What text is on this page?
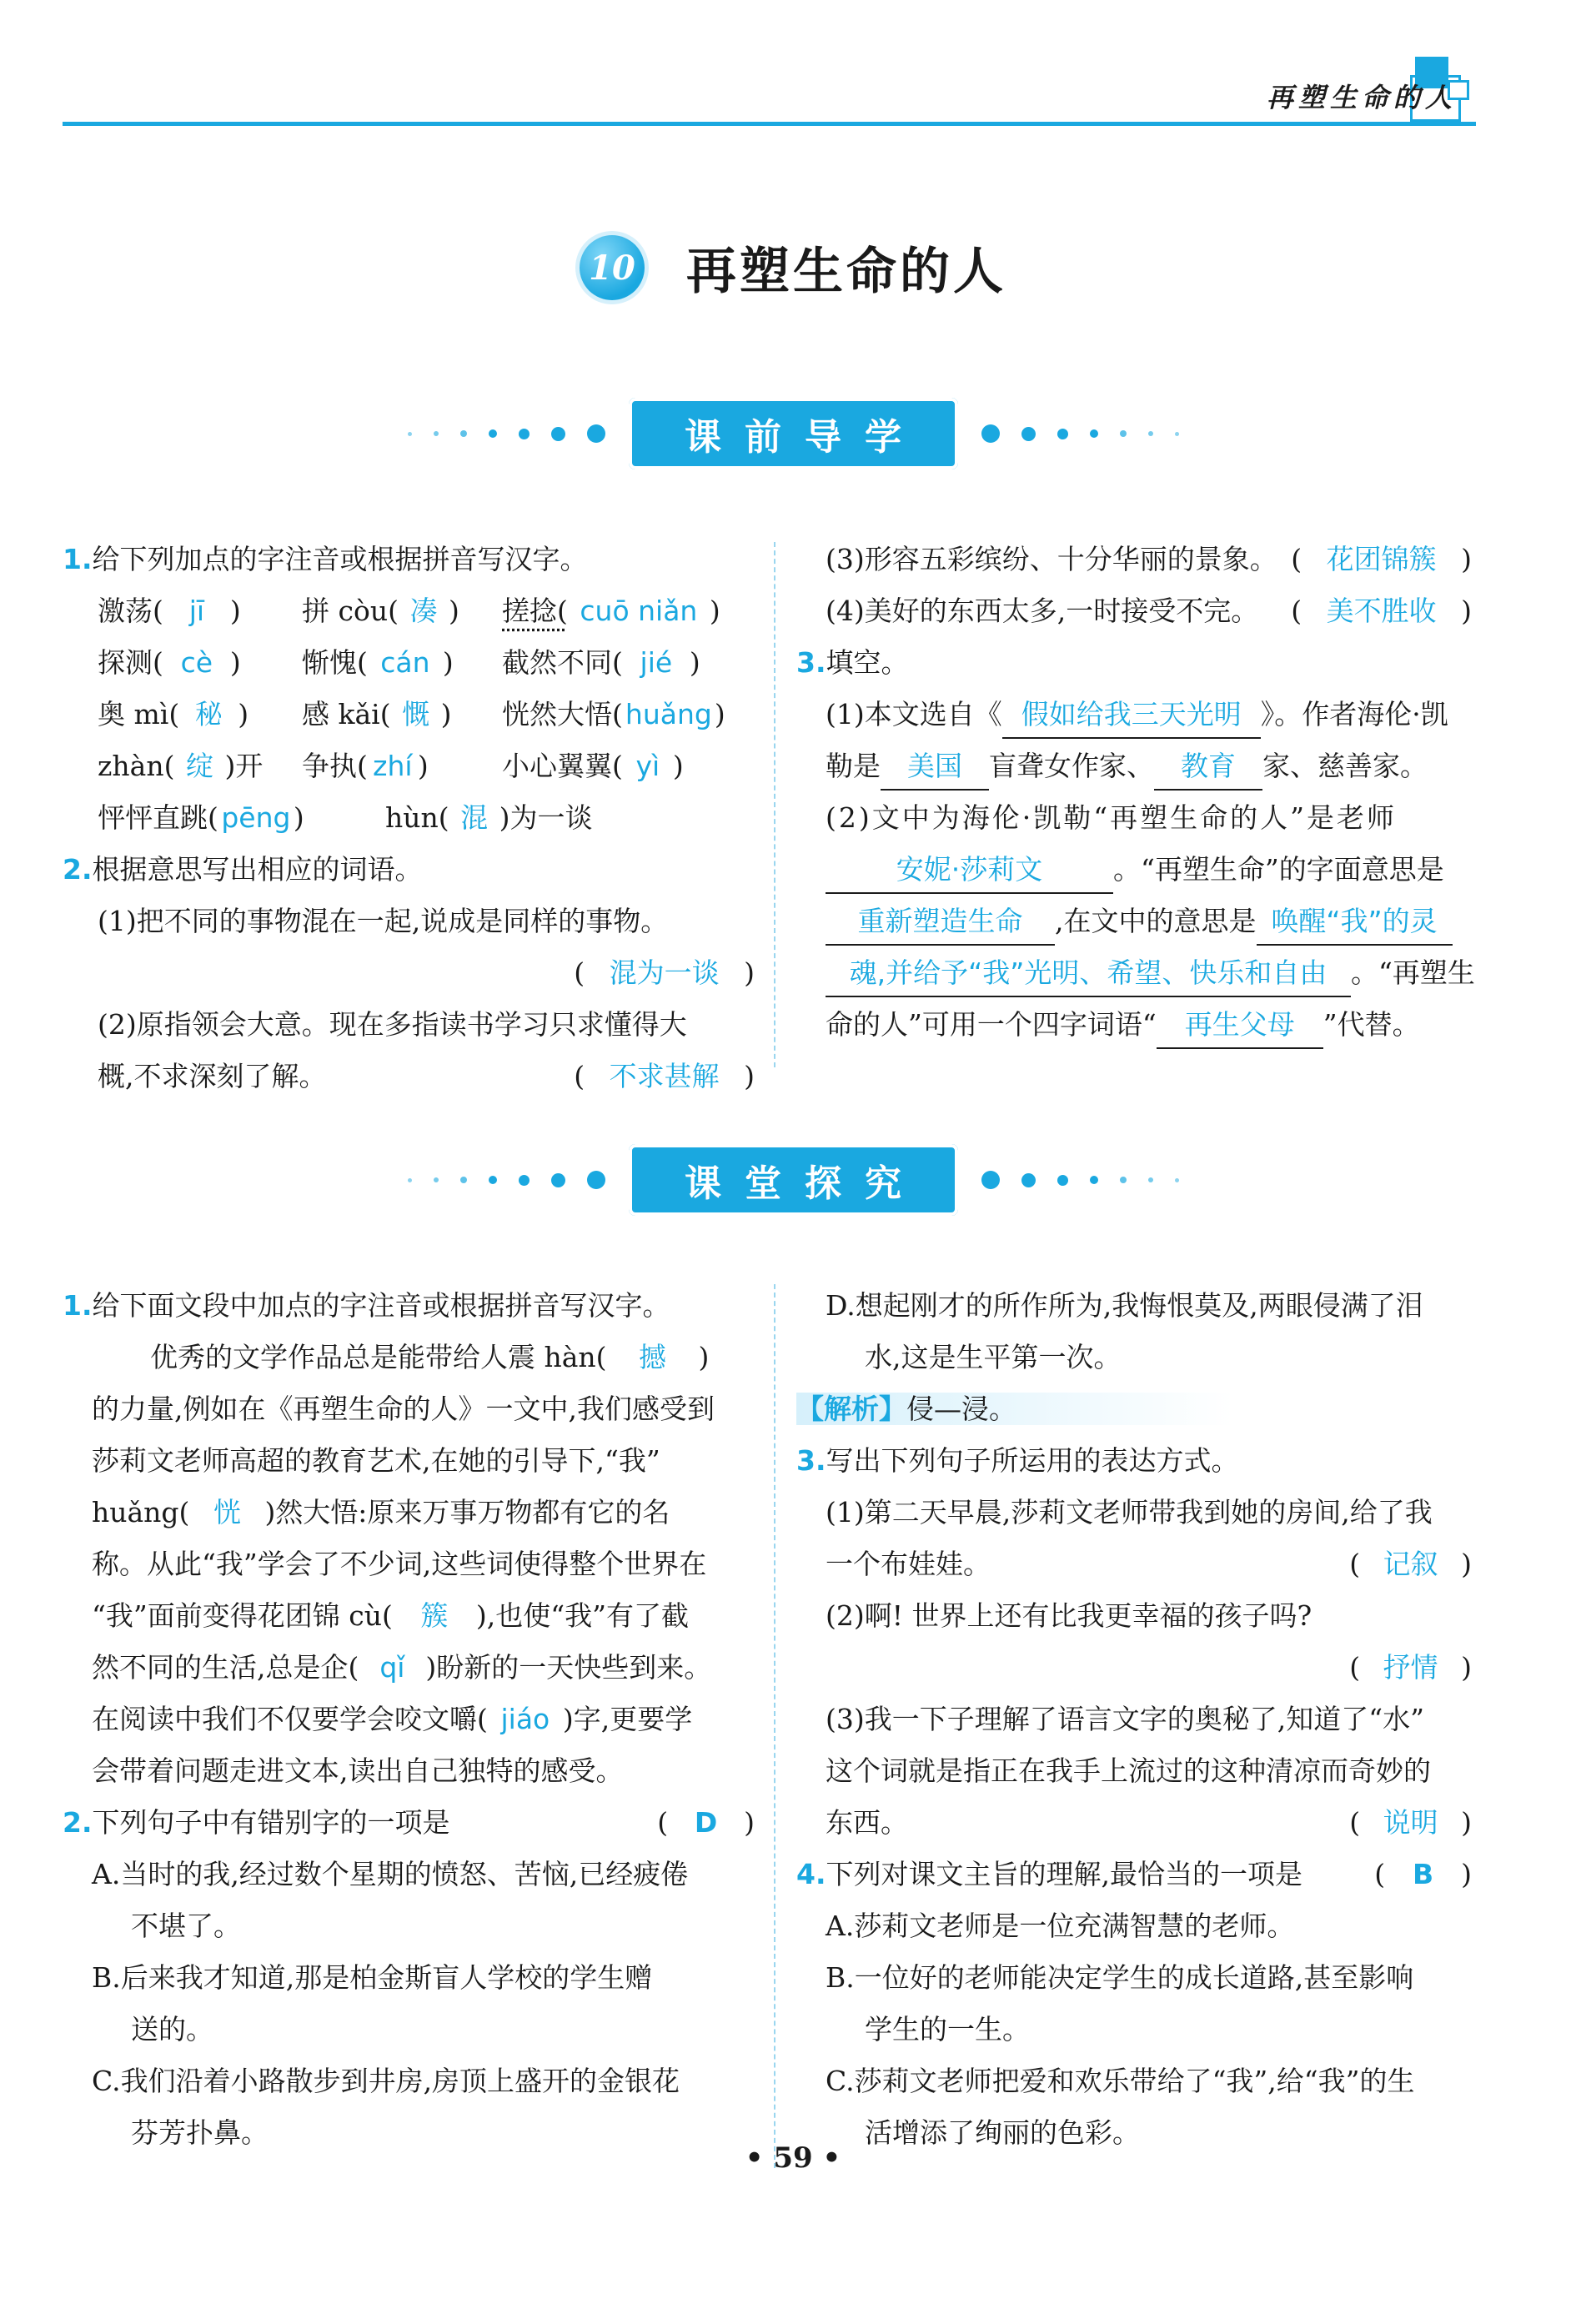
再塑生命的人
10 再塑生命的人
课前导学

1.给下列加点的字注音或根据拼音写汉字。

激荡( jī ) 拼 còu( 凑 ) 搓捻( cuō niǎn )

探测( cè ) 惭愧( cán ) 截然不同( jié )

奥 mì( 秘 ) 感 kǎi( 慨 ) 恍然大悟(huǎng)

zhàn( 绽 )开 争执( zhí )	小心翼翼( yì )

怦怦直跳( pēng )	hùn( 混 )为一谈

2.根据意思写出相应的词语。

(1)把不同的事物混在一起,说成是同样的事物。

( 混为一谈 )

(2)原指领会大意。现在多指读书学习只求懂得大

概,不求深刻了解。	( 不求甚解 )

(3)形容五彩缤纷、十分华丽的景象。 ( 花团锦簇 )

(4)美好的东西太多,一时接受不完。 ( 美不胜收 )

3.填空。

(1)本文选自《 假如给我三天光明 》。作者海伦·凯

勒是 美国 盲聋女作家、 教育 家、慈善家。

(2)文中为海伦·凯勒“再塑生命的人”是老师

安妮·莎莉文	。“再塑生命”的字面意思是

重新塑造生命 ,在文中的意思是 唤醒“我”的灵

魂,并给予“我”光明、希望、快乐和自由 。“再塑生

命的人”可用一个四字词语“ 再生父母 ”代替。

课堂探究

1.给下面文段中加点的字注音或根据拼音写汉字。

优秀的文学作品总是能带给人震 hàn( 撼 )

的力量,例如在《再塑生命的人》一文中,我们感受到

莎莉文老师高超的教育艺术,在她的引导下,“我”

huǎng( 恍 )然大悟:原来万事万物都有它的名

称。从此“我”学会了不少词,这些词使得整个世界在

“我”面前变得花团锦 cù( 簇 ),也使“我”有了截

然不同的生活,总是企( qǐ )盼新的一天快些到来。

在阅读中我们不仅要学会咬文嚼( jiáo )字,更要学

会带着问题走进文本,读出自己独特的感受。

2.下列句子中有错别字的一项是	( D )

A.当时的我,经过数个星期的愤怒、苦恼,已经疲倦

不堪了。

B.后来我才知道,那是柏金斯盲人学校的学生赠

送的。

C.我们沿着小路散步到井房,房顶上盛开的金银花

芬芳扑鼻。

D.想起刚才的所作所为,我悔恨莫及,两眼侵满了泪

水,这是生平第一次。

【解析】侵—浸。

3.写出下列句子所运用的表达方式。

(1)第二天早晨,莎莉文老师带我到她的房间,给了我

一个布娃娃。	( 记叙 )

(2)啊! 世界上还有比我更幸福的孩子吗?

( 抒情 )

(3)我一下子理解了语言文字的奥秘了,知道了“水”

这个词就是指正在我手上流过的这种清凉而奇妙的

东西。	( 说明 )

4.下列对课文主旨的理解,最恰当的一项是	( B )

A.莎莉文老师是一位充满智慧的老师。

B.一位好的老师能决定学生的成长道路,甚至影响

学生的一生。

C.莎莉文老师把爱和欢乐带给了“我”,给“我”的生

活增添了绚丽的色彩。

• 59 •
